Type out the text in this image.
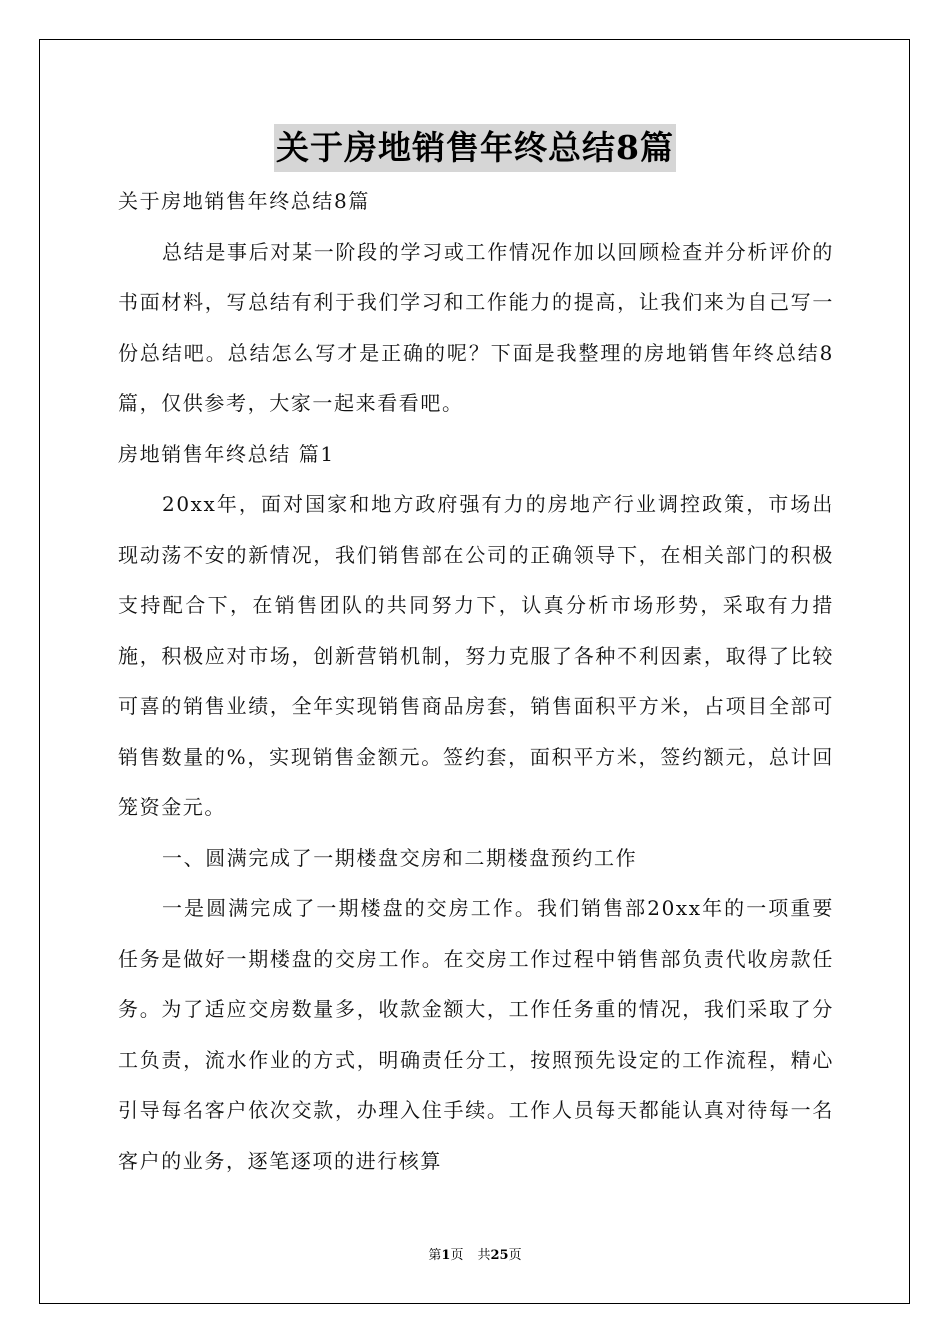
关于房地销售年终总结8篇

关于房地销售年终总结8篇

总结是事后对某一阶段的学习或工作情况作加以回顾检查并分析评价的书面材料，写总结有利于我们学习和工作能力的提高，让我们来为自己写一份总结吧。总结怎么写才是正确的呢？下面是我整理的房地销售年终总结8篇，仅供参考，大家一起来看看吧。

房地销售年终总结 篇1

20xx年，面对国家和地方政府强有力的房地产行业调控政策，市场出现动荡不安的新情况，我们销售部在公司的正确领导下，在相关部门的积极支持配合下，在销售团队的共同努力下，认真分析市场形势，采取有力措施，积极应对市场，创新营销机制，努力克服了各种不利因素，取得了比较可喜的销售业绩，全年实现销售商品房套，销售面积平方米，占项目全部可销售数量的%，实现销售金额元。签约套，面积平方米，签约额元，总计回笼资金元。

一、圆满完成了一期楼盘交房和二期楼盘预约工作

一是圆满完成了一期楼盘的交房工作。我们销售部20xx年的一项重要任务是做好一期楼盘的交房工作。在交房工作过程中销售部负责代收房款任务。为了适应交房数量多，收款金额大，工作任务重的情况，我们采取了分工负责，流水作业的方式，明确责任分工，按照预先设定的工作流程，精心引导每名客户依次交款，办理入住手续。工作人员每天都能认真对待每一名客户的业务，逐笔逐项的进行核算

第1页 共25页
